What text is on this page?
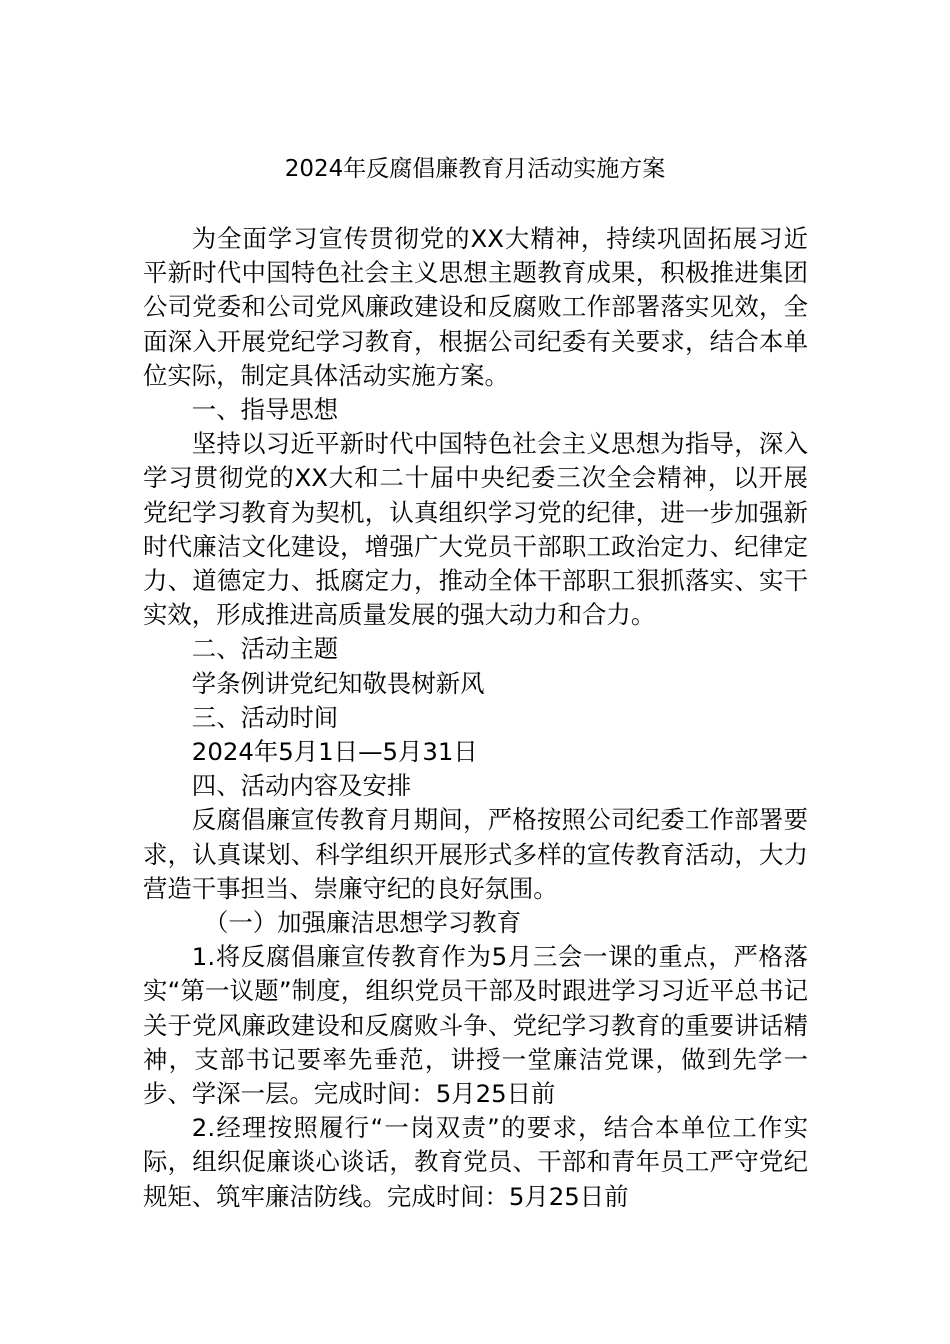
2024年反腐倡廉教育月活动实施方案

为全面学习宣传贯彻党的XX大精神，持续巩固拓展习近平新时代中国特色社会主义思想主题教育成果，积极推进集团公司党委和公司党风廉政建设和反腐败工作部署落实见效，全面深入开展党纪学习教育，根据公司纪委有关要求，结合本单位实际，制定具体活动实施方案。

一、指导思想

坚持以习近平新时代中国特色社会主义思想为指导，深入学习贯彻党的XX大和二十届中央纪委三次全会精神，以开展党纪学习教育为契机，认真组织学习党的纪律，进一步加强新时代廉洁文化建设，增强广大党员干部职工政治定力、纪律定力、道德定力、抵腐定力，推动全体干部职工狠抓落实、实干实效，形成推进高质量发展的强大动力和合力。

二、活动主题

学条例讲党纪知敬畏树新风

三、活动时间

2024年5月1日—5月31日

四、活动内容及安排

反腐倡廉宣传教育月期间，严格按照公司纪委工作部署要求，认真谋划、科学组织开展形式多样的宣传教育活动，大力营造干事担当、崇廉守纪的良好氛围。

（一）加强廉洁思想学习教育

1.将反腐倡廉宣传教育作为5月三会一课的重点，严格落实“第一议题”制度，组织党员干部及时跟进学习习近平总书记关于党风廉政建设和反腐败斗争、党纪学习教育的重要讲话精神，支部书记要率先垂范，讲授一堂廉洁党课，做到先学一步、学深一层。完成时间：5月25日前

2.经理按照履行“一岗双责”的要求，结合本单位工作实际，组织促廉谈心谈话，教育党员、干部和青年员工严守党纪规矩、筑牢廉洁防线。完成时间：5月25日前
